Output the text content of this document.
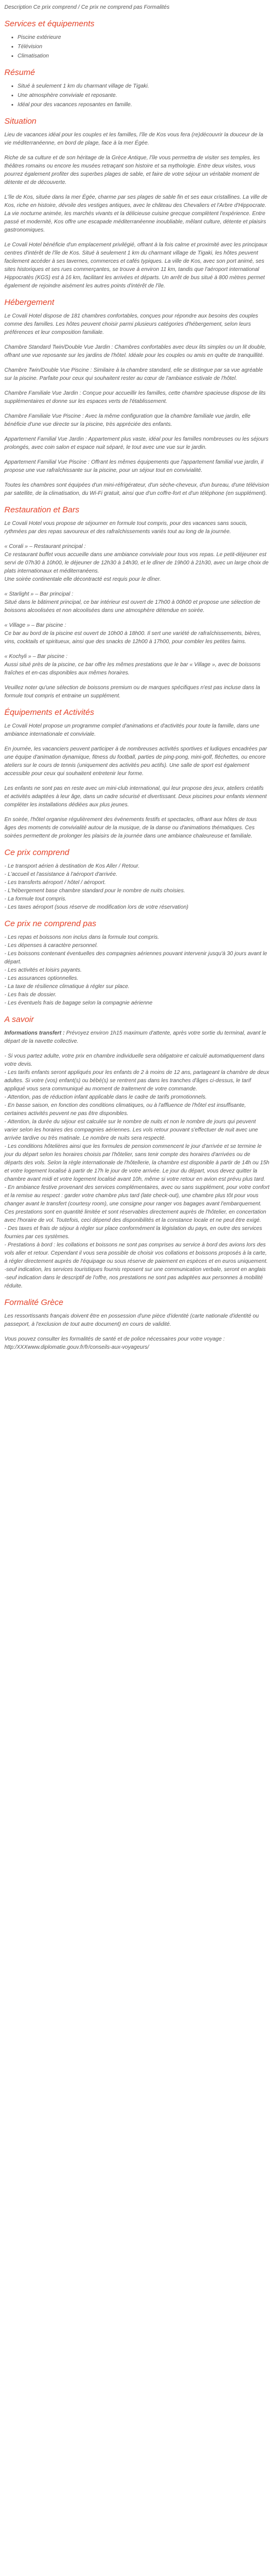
Description Ce prix comprend / Ce prix ne comprend pas Formalités
Services et équipements
Piscine extérieure
Télévision
Climatisation
Résumé
Situé à seulement 1 km du charmant village de Tigaki.
Une atmosphère conviviale et reposante.
Idéal pour des vacances reposantes en famille.
Situation

Lieu de vacances idéal pour les couples et les familles, l'île de Kos vous fera (re)découvrir la douceur de la vie méditerranéenne, en bord de plage, face à la mer Égée.

Riche de sa culture et de son héritage de la Grèce Antique, l'île vous permettra de visiter ses temples, les théâtres romains ou encore les musées retraçant son histoire et sa mythologie. Entre deux visites, vous pourrez également profiter des superbes plages de sable, et faire de votre séjour un véritable moment de détente et de découverte.

L'île de Kos, située dans la mer Égée, charme par ses plages de sable fin et ses eaux cristallines. La ville de Kos, riche en histoire, dévoile des vestiges antiques, avec le château des Chevaliers et l'Arbre d'Hippocrate. La vie nocturne animée, les marchés vivants et la délicieuse cuisine grecque complètent l'expérience. Entre passé et modernité, Kos offre une escapade méditerranéenne inoubliable, mêlant culture, détente et plaisirs gastronomiques.

Le Covali Hotel bénéficie d'un emplacement privilégié, offrant à la fois calme et proximité avec les principaux centres d'intérêt de l'île de Kos. Situé à seulement 1 km du charmant village de Tigaki, les hôtes peuvent facilement accéder à ses tavernes, commerces et cafés typiques. La ville de Kos, avec son port animé, ses sites historiques et ses rues commerçantes, se trouve à environ 11 km, tandis que l'aéroport international Hippocratès (KGS) est à 16 km, facilitant les arrivées et départs. Un arrêt de bus situé à 800 mètres permet également de rejoindre aisément les autres points d'intérêt de l'île.

Hébergement

Le Covali Hotel dispose de 181 chambres confortables, conçues pour répondre aux besoins des couples comme des familles. Les hôtes peuvent choisir parmi plusieurs catégories d'hébergement, selon leurs préférences et leur composition familiale.

Chambre Standard Twin/Double Vue Jardin : Chambres confortables avec deux lits simples ou un lit double, offrant une vue reposante sur les jardins de l'hôtel. Idéale pour les couples ou amis en quête de tranquillité.

Chambre Twin/Double Vue Piscine : Similaire à la chambre standard, elle se distingue par sa vue agréable sur la piscine. Parfaite pour ceux qui souhaitent rester au cœur de l'ambiance estivale de l'hôtel.

Chambre Familiale Vue Jardin : Conçue pour accueillir les familles, cette chambre spacieuse dispose de lits supplémentaires et donne sur les espaces verts de l'établissement.

Chambre Familiale Vue Piscine : Avec la même configuration que la chambre familiale vue jardin, elle bénéficie d'une vue directe sur la piscine, très appréciée des enfants.

Appartement Familial Vue Jardin : Appartement plus vaste, idéal pour les familles nombreuses ou les séjours prolongés, avec coin salon et espace nuit séparé, le tout avec une vue sur le jardin.

Appartement Familial Vue Piscine : Offrant les mêmes équipements que l'appartement familial vue jardin, il propose une vue rafraîchissante sur la piscine, pour un séjour tout en convivialité.

Toutes les chambres sont équipées d'un mini-réfrigérateur, d'un sèche-cheveux, d'un bureau, d'une télévision par satellite, de la climatisation, du Wi-Fi gratuit, ainsi que d'un coffre-fort et d'un téléphone (en supplément).

Restauration et Bars

Le Covali Hotel vous propose de séjourner en formule tout compris, pour des vacances sans soucis, rythmées par des repas savoureux et des rafraîchissements variés tout au long de la journée.

« Corali » – Restaurant principal :
Ce restaurant buffet vous accueille dans une ambiance conviviale pour tous vos repas. Le petit-déjeuner est servi de 07h30 à 10h00, le déjeuner de 12h30 à 14h30, et le dîner de 19h00 à 21h30, avec un large choix de plats internationaux et méditerranéens.
Une soirée continentale elle décontracté est requis pour le dîner.

« Starlight » – Bar principal :
Situé dans le bâtiment principal, ce bar intérieur est ouvert de 17h00 à 00h00 et propose une sélection de boissons alcoolisées et non alcoolisées dans une atmosphère détendue en soirée.

« Village » – Bar piscine :
Ce bar au bord de la piscine est ouvert de 10h00 à 18h00. Il sert une variété de rafraîchissements, bières, vins, cocktails et spiritueux, ainsi que des snacks de 12h00 à 17h00, pour combler les petites faims.

« Kochyli » – Bar piscine :
Aussi situé près de la piscine, ce bar offre les mêmes prestations que le bar « Village », avec de boissons fraîches et en-cas disponibles aux mêmes horaires.

Veuillez noter qu'une sélection de boissons premium ou de marques spécifiques n'est pas incluse dans la formule tout compris et entraine un supplément.

Équipements et Activités

Le Covali Hotel propose un programme complet d'animations et d'activités pour toute la famille, dans une ambiance internationale et conviviale.

En journée, les vacanciers peuvent participer à de nombreuses activités sportives et ludiques encadrées par une équipe d'animation dynamique, fitness du football, parties de ping-pong, mini-golf, fléchettes, ou encore ateliers sur le cours de tennis (uniquement des activités peu actifs). Une salle de sport est également accessible pour ceux qui souhaitent entretenir leur forme.

Les enfants ne sont pas en reste avec un mini-club international, qui leur propose des jeux, ateliers créatifs et activités adaptées à leur âge, dans un cadre sécurisé et divertissant. Deux piscines pour enfants viennent compléter les installations dédiées aux plus jeunes.

En soirée, l'hôtel organise régulièrement des événements festifs et spectacles, offrant aux hôtes de tous âges des moments de convivialité autour de la musique, de la danse ou d'animations thématiques. Ces soirées permettent de prolonger les plaisirs de la journée dans une ambiance chaleureuse et familiale.

Ce prix comprend

- Le transport aérien à destination de Kos Aller / Retour.
- L'accueil et l'assistance à l'aéroport d'arrivée.
- Les transferts aéroport / hôtel / aéroport.
- L'hébergement base chambre standard pour le nombre de nuits choisies.
- La formule tout compris.
- Les taxes aéroport (sous réserve de modification lors de votre réservation)

Ce prix ne comprend pas

- Les repas et boissons non inclus dans la formule tout compris.
- Les dépenses à caractère personnel.
- Les boissons contenant éventuelles des compagnies aériennes pouvant intervenir jusqu'à 30 jours avant le départ.
- Les activités et loisirs payants.
- Les assurances optionnelles.
- La taxe de résilience climatique à régler sur place.
- Les frais de dossier.
- Les éventuels frais de bagage selon la compagnie aérienne

A savoir

Informations transfert : Prévoyez environ 1h15 maximum d'attente, après votre sortie du terminal, avant le départ de la navette collective.

- Si vous partez adulte, votre prix en chambre individuelle sera obligatoire et calculé automatiquement dans votre devis.
- Les tarifs enfants seront appliqués pour les enfants de 2 à moins de 12 ans, partageant la chambre de deux adultes. Si votre (vos) enfant(s) ou bébé(s) se rentrent pas dans les tranches d'âges ci-dessus, le tarif appliqué vous sera communiqué au moment de traitement de votre commande.
- Attention, pas de réduction infant applicable dans le cadre de tarifs promotionnels.
- En basse saison, en fonction des conditions climatiques, ou à l'affluence de l'hôtel est insuffisante, certaines activités peuvent ne pas être disponibles.
- Attention, la durée du séjour est calculée sur le nombre de nuits et non le nombre de jours qui peuvent varier selon les horaires des compagnies aériennes. Les vols retour pouvant s'effectuer de nuit avec une arrivée tardive ou très matinale. Le nombre de nuits sera respecté.
- Les conditions hôtelières ainsi que les formules de pension commencent le jour d'arrivée et se termine le jour du départ selon les horaires choisis par l'hôtelier, sans tenir compte des horaires d'arrivées ou de départs des vols. Selon la règle internationale de l'hôtellerie, la chambre est disponible à partir de 14h ou 15h et votre logement localisé à partir de 17h le jour de votre arrivée. Le jour du départ, vous devez quitter la chambre avant midi et votre logement localisé avant 10h, même si votre retour en avion est prévu plus tard.
- En ambiance festive provenant des services complémentaires, avec ou sans supplément, pour votre confort et la remise au respect : garder votre chambre plus tard (late check-out), une chambre plus tôt pour vous changer avant le transfert (courtesy room), une consigne pour ranger vos bagages avant l'embarquement. Ces prestations sont en quantité limitée et sont réservables directement auprès de l'hôtelier, en concertation avec l'horaire de vol. Toutefois, ceci dépend des disponibilités et la constance locale et ne peut être exigé.
- Des taxes et frais de séjour à régler sur place conformément la législation du pays, en outre des services fournies par ces systèmes.
- Prestations à bord : les collations et boissons ne sont pas comprises au service à bord des avions lors des vols aller et retour. Cependant il vous sera possible de choisir vos collations et boissons proposés à la carte, à régler directement auprès de l'équipage ou sous réserve de paiement en espèces et en euros uniquement.
-seuf indication, les services touristiques fournis reposent sur une communication verbale, seront en anglais
-seuf indication dans le descriptif de l'offre, nos prestations ne sont pas adaptées aux personnes à mobilité réduite.

Formalité Grèce

Les ressortissants français doivent être en possession d'une pièce d'identité (carte nationale d'identité ou passeport, à l'exclusion de tout autre document) en cours de validité.

Vous pouvez consulter les formalités de santé et de police nécessaires pour votre voyage : http:/XXXwww.diplomatie.gouv.fr/fr/conseils-aux-voyageurs/
